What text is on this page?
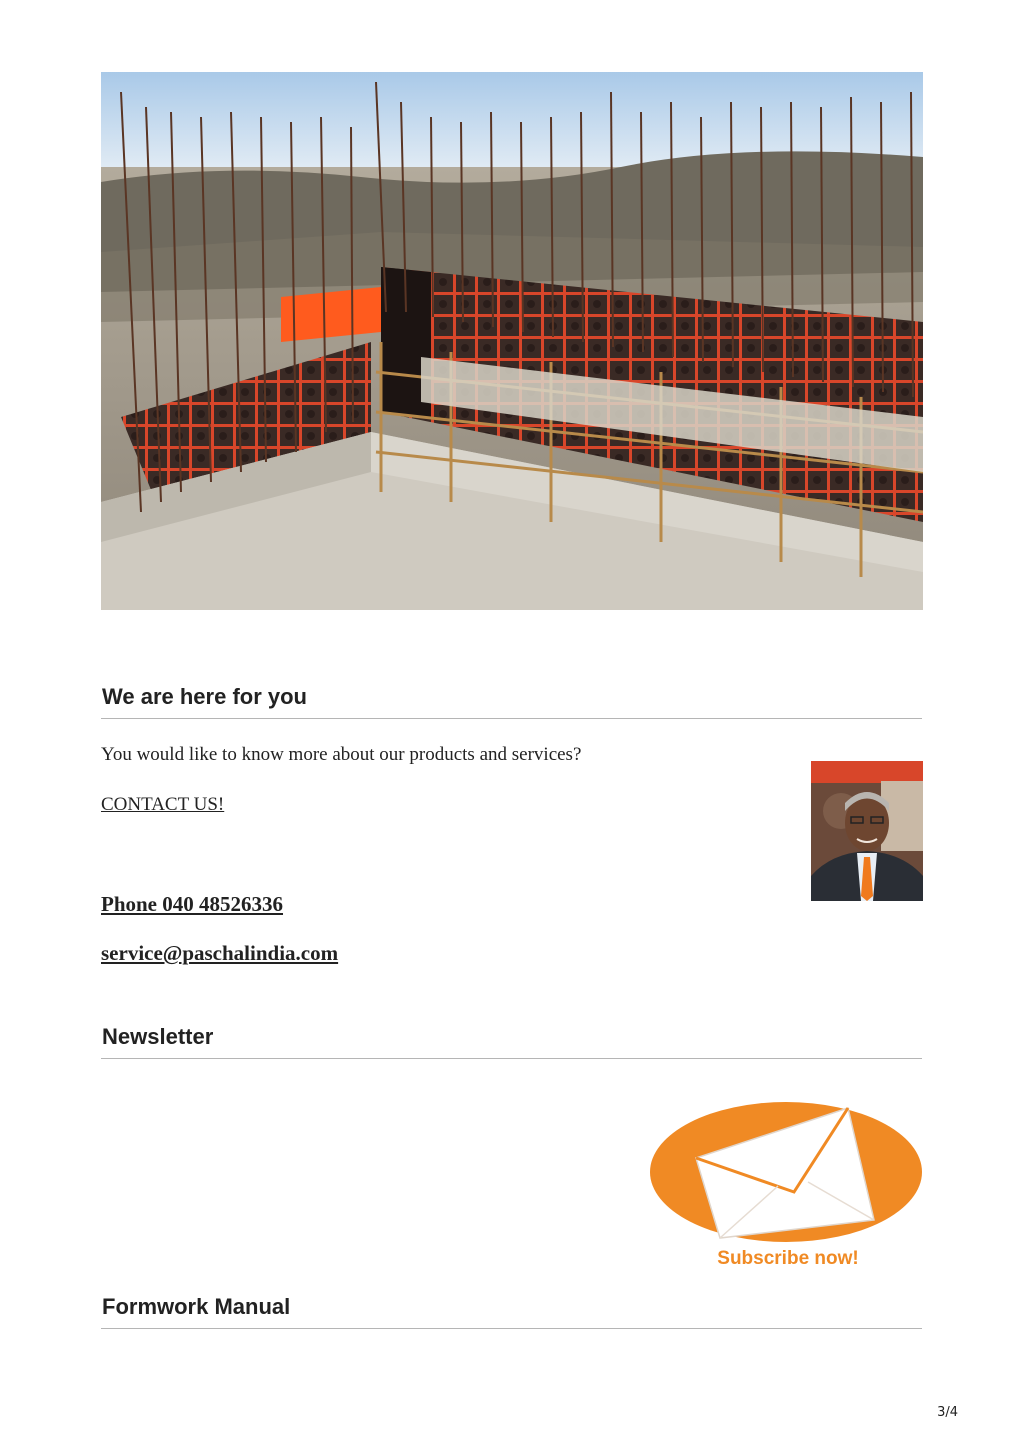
We are here for you

You would like to know more about our products and services?

CONTACT US!
Phone 040 48526336
service@paschalindia.com
Newsletter
Subscribe now!
Formwork Manual
3/4
